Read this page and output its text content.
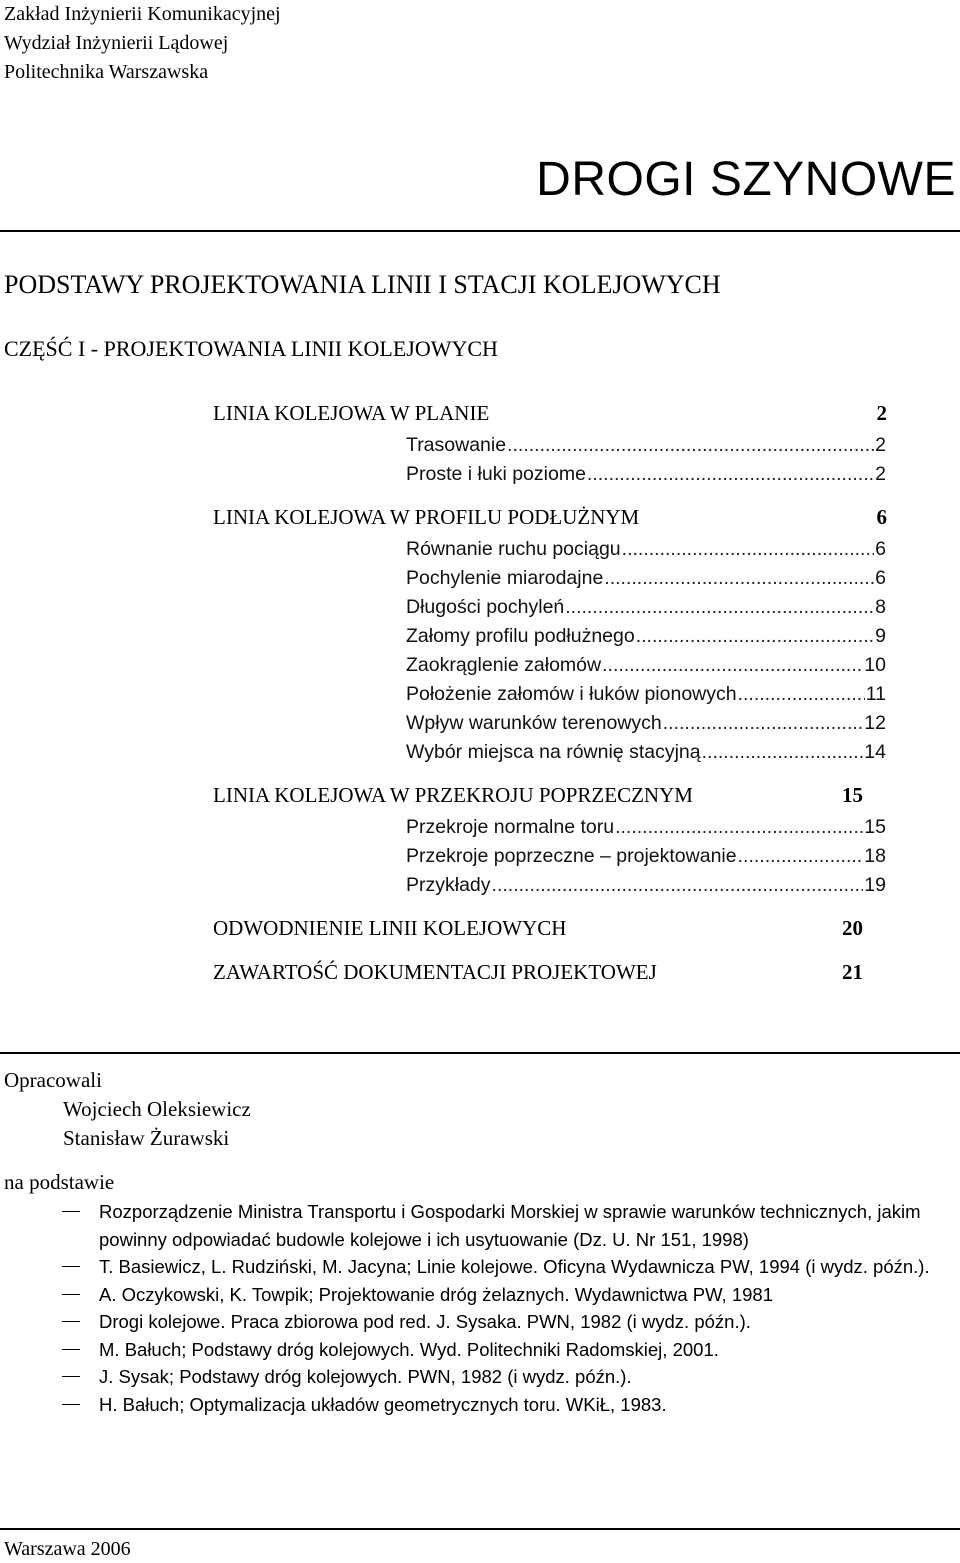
Zakład Inżynierii Komunikacyjnej
Wydział Inżynierii Lądowej
Politechnika Warszawska
DROGI SZYNOWE
PODSTAWY PROJEKTOWANIA LINII I STACJI KOLEJOWYCH
CZĘŚĆ I - PROJEKTOWANIA LINII KOLEJOWYCH
LINIA KOLEJOWA W PLANIE	2
Trasowanie .....	2
Proste i łuki poziome .....	2
LINIA KOLEJOWA W PROFILU PODŁUŻNYM	6
Równanie ruchu pociągu .....	6
Pochylenie miarodajne .....	6
Długości pochyleń .....	8
Załomy profilu podłużnego .....	9
Zaokrąglenie załomów .....	10
Położenie załomów i łuków pionowych .....	11
Wpływ warunków terenowych .....	12
Wybór miejsca na równię stacyjną .....	14
LINIA KOLEJOWA W PRZEKROJU POPRZECZNYM	15
Przekroje normalne toru .....	15
Przekroje poprzeczne – projektowanie .....	18
Przykłady .....	19
ODWODNIENIE LINII KOLEJOWYCH	20
ZAWARTOŚĆ DOKUMENTACJI PROJEKTOWEJ	21
Opracowali
Wojciech Oleksiewicz
Stanisław Żurawski
na podstawie
Rozporządzenie Ministra Transportu i Gospodarki Morskiej w sprawie warunków technicznych, jakim powinny odpowiadać budowle kolejowe i ich usytuowanie (Dz. U. Nr 151, 1998)
T. Basiewicz, L. Rudziński, M. Jacyna; Linie kolejowe. Oficyna Wydawnicza PW, 1994 (i wydz. późn.).
A. Oczykowski, K. Towpik; Projektowanie dróg żelaznych. Wydawnictwa PW, 1981
Drogi kolejowe. Praca zbiorowa pod red. J. Sysaka. PWN, 1982 (i wydz. późn.).
M. Bałuch; Podstawy dróg kolejowych. Wyd. Politechniki Radomskiej, 2001.
J. Sysak; Podstawy dróg kolejowych. PWN, 1982 (i wydz. późn.).
H. Bałuch; Optymalizacja układów geometrycznych toru. WKiŁ, 1983.
Warszawa 2006
